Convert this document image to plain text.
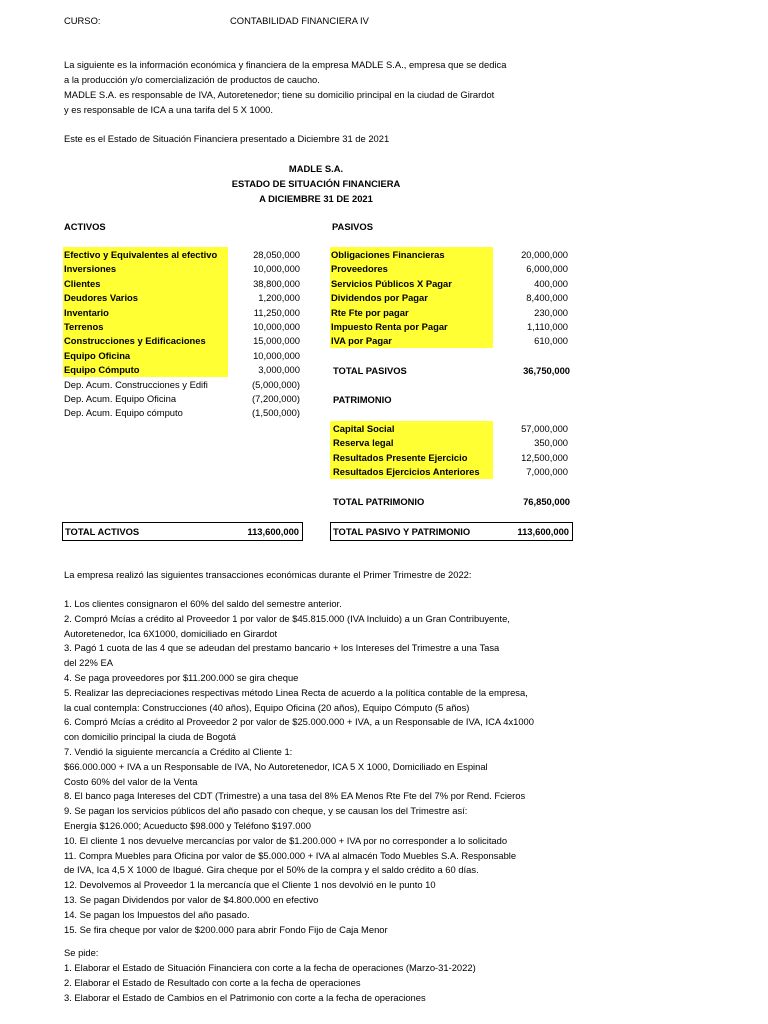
CURSO:	CONTABILIDAD FINANCIERA IV
La siguiente es la información económica y financiera de la empresa MADLE S.A., empresa que se dedica
a la producción y/o comercialización de productos de caucho.
MADLE S.A. es responsable de IVA, Autoretenedor; tiene su domicilio principal en la ciudad de Girardot
y es responsable de ICA a una tarifa del 5 X 1000.
Este es el Estado de Situación Financiera presentado a Diciembre 31 de 2021
MADLE S.A.
ESTADO DE SITUACIÓN FINANCIERA
A DICIEMBRE 31 DE 2021
ACTIVOS
Efectivo y Equivalentes al efectivo	28,050,000
Inversiones	10,000,000
Clientes	38,800,000
Deudores Varios	1,200,000
Inventario	11,250,000
Terrenos	10,000,000
Construcciones y Edificaciones	15,000,000
Equipo Oficina	10,000,000
Equipo Cómputo	3,000,000
Dep. Acum. Construcciones y Edifi	(5,000,000)
Dep. Acum. Equipo Oficina	(7,200,000)
Dep. Acum. Equipo cómputo	(1,500,000)
PASIVOS
Obligaciones Financieras	20,000,000
Proveedores	6,000,000
Servicios Públicos X Pagar	400,000
Dividendos por Pagar	8,400,000
Rte Fte por pagar	230,000
Impuesto Renta por Pagar	1,110,000
IVA por Pagar	610,000
TOTAL PASIVOS	36,750,000
PATRIMONIO
Capital Social	57,000,000
Reserva legal	350,000
Resultados Presente Ejercicio	12,500,000
Resultados Ejercicios Anteriores	7,000,000
TOTAL PATRIMONIO	76,850,000
TOTAL ACTIVOS	113,600,000	TOTAL PASIVO Y PATRIMONIO	113,600,000
La empresa realizó las siguientes transacciones económicas durante el Primer Trimestre de 2022:
1. Los clientes consignaron el 60% del saldo del semestre anterior.
2. Compró Mcías a crédito al Proveedor 1 por valor de $45.815.000 (IVA Incluido) a un Gran Contribuyente,
Autoretenedor, Ica 6X1000, domiciliado en Girardot
3. Pagó 1 cuota de las 4 que se adeudan del prestamo bancario + los Intereses del Trimestre a una Tasa
del 22% EA
4. Se paga proveedores por $11.200.000 se gira cheque
5. Realizar las depreciaciones respectivas método Linea Recta de acuerdo a la política contable de la empresa,
la cual contempla: Construcciones (40 años), Equipo Oficina (20 años), Equipo Cómputo (5 años)
6. Compró Mcías a crédito al Proveedor 2 por valor de $25.000.000 + IVA, a un Responsable de IVA, ICA 4x1000
con domicilio principal la ciuda de Bogotá
7. Vendió la siguiente mercancía a Crédito al Cliente 1:
$66.000.000 + IVA a un Responsable de IVA, No Autoretenedor, ICA 5 X 1000, Domiciliado en Espinal
Costo 60% del valor de la Venta
8. El banco paga Intereses del CDT (Trimestre) a una tasa del 8% EA Menos Rte Fte del 7% por Rend. Fcieros
9. Se pagan los servicios públicos del año pasado con cheque, y se causan los del Trimestre así:
Energía $126.000; Acueducto $98.000 y Teléfono $197.000
10. El cliente 1 nos devuelve mercancías por valor de $1.200.000 + IVA por no corresponder a lo solicitado
11. Compra Muebles para Oficina por valor de $5.000.000 + IVA al almacén Todo Muebles S.A. Responsable
de IVA, Ica 4,5 X 1000 de Ibagué. Gira cheque por el 50% de la compra y el saldo crédito a 60 días.
12. Devolvemos al Proveedor 1 la mercancía que el Cliente 1 nos devolvió en le punto 10
13. Se pagan Dividendos por valor de $4.800.000 en efectivo
14. Se pagan los Impuestos del año pasado.
15. Se fira cheque por valor de $200.000 para abrir Fondo Fijo de Caja Menor
Se pide:
1. Elaborar el Estado de Situación Financiera con corte a la fecha de operaciones (Marzo-31-2022)
2. Elaborar el Estado de Resultado con corte a la fecha de operaciones
3. Elaborar el Estado de Cambios en el Patrimonio con corte a la fecha de operaciones
